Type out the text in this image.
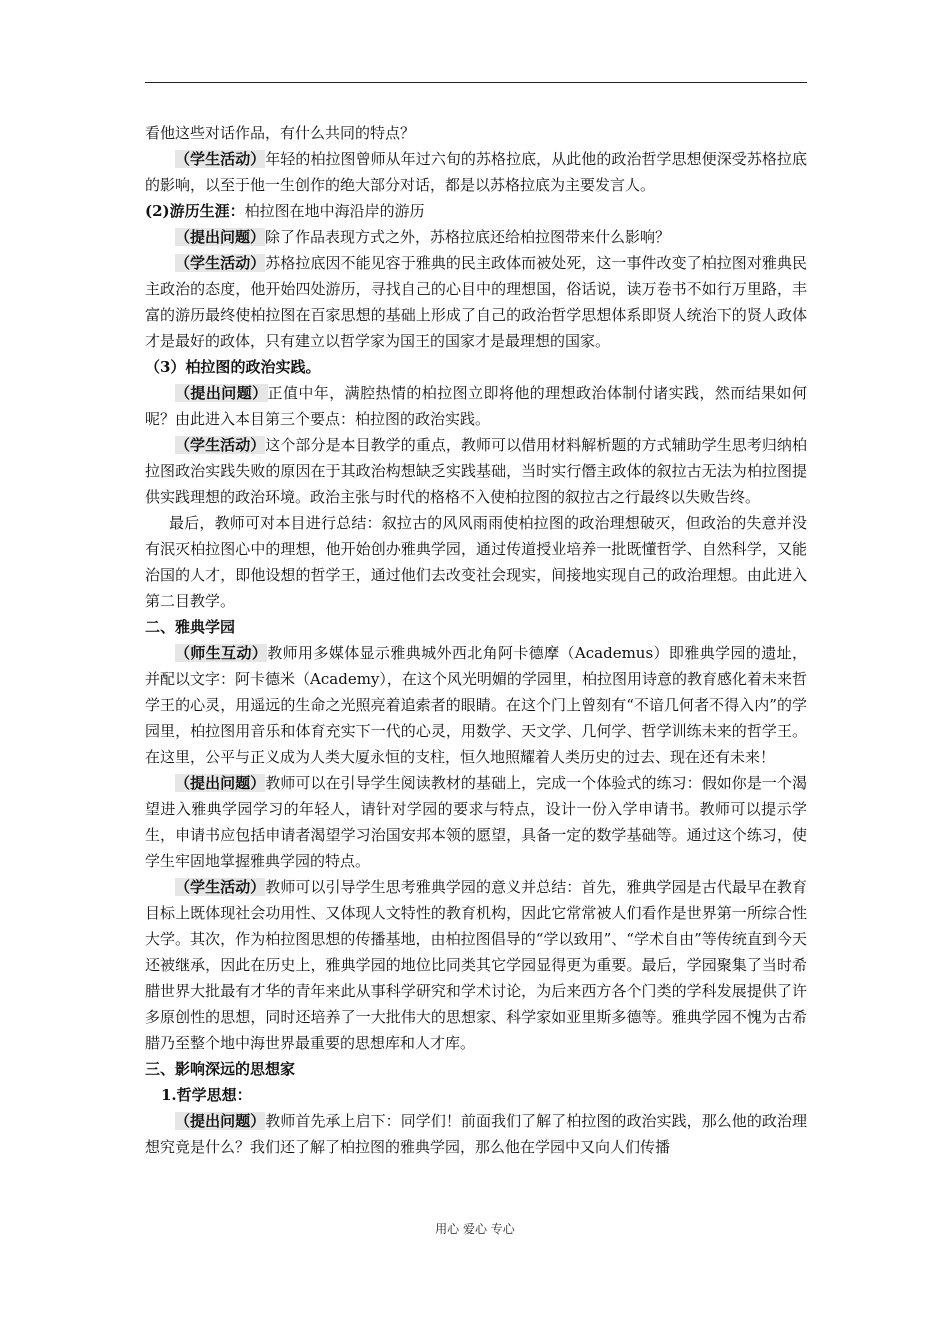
看他这些对话作品，有什么共同的特点？

（学生活动）年轻的柏拉图曾师从年过六旬的苏格拉底，从此他的政治哲学思想便深受苏格拉底的影响，以至于他一生创作的绝大部分对话，都是以苏格拉底为主要发言人。

(2)游历生涯：柏拉图在地中海沿岸的游历

（提出问题）除了作品表现方式之外，苏格拉底还给柏拉图带来什么影响？

（学生活动）苏格拉底因不能见容于雅典的民主政体而被处死，这一事件改变了柏拉图对雅典民主政治的态度，他开始四处游历，寻找自己的心目中的理想国，俗话说，读万卷书不如行万里路，丰富的游历最终使柏拉图在百家思想的基础上形成了自己的政治哲学思想体系即贤人统治下的贤人政体才是最好的政体，只有建立以哲学家为国王的国家才是最理想的国家。

（3）柏拉图的政治实践。

（提出问题）正值中年，满腔热情的柏拉图立即将他的理想政治体制付诸实践，然而结果如何呢？由此进入本目第三个要点：柏拉图的政治实践。

（学生活动）这个部分是本目教学的重点，教师可以借用材料解析题的方式辅助学生思考归纳柏拉图政治实践失败的原因在于其政治构想缺乏实践基础，当时实行僭主政体的叙拉古无法为柏拉图提供实践理想的政治环境。政治主张与时代的格格不入使柏拉图的叙拉古之行最终以失败告终。

最后，教师可对本目进行总结：叙拉古的风风雨雨使柏拉图的政治理想破灭，但政治的失意并没有泯灭柏拉图心中的理想，他开始创办雅典学园，通过传道授业培养一批既懂哲学、自然科学，又能治国的人才，即他设想的哲学王，通过他们去改变社会现实，间接地实现自己的政治理想。由此进入第二目教学。

二、雅典学园

（师生互动）教师用多媒体显示雅典城外西北角阿卡德摩（Academus）即雅典学园的遗址，并配以文字：阿卡德米（Academy），在这个风光明媚的学园里，柏拉图用诗意的教育感化着未来哲学王的心灵，用遥远的生命之光照亮着追索者的眼睛。在这个门上曾刻有“不谙几何者不得入内”的学园里，柏拉图用音乐和体育充实下一代的心灵，用数学、天文学、几何学、哲学训练未来的哲学王。在这里，公平与正义成为人类大厦永恒的支柱，恒久地照耀着人类历史的过去、现在还有未来！

（提出问题）教师可以在引导学生阅读教材的基础上，完成一个体验式的练习：假如你是一个渴望进入雅典学园学习的年轻人，请针对学园的要求与特点，设计一份入学申请书。教师可以提示学生，申请书应包括申请者渴望学习治国安邦本领的愿望，具备一定的数学基础等。通过这个练习，使学生牢固地掌握雅典学园的特点。

（学生活动）教师可以引导学生思考雅典学园的意义并总结：首先，雅典学园是古代最早在教育目标上既体现社会功用性、又体现人文特性的教育机构，因此它常常被人们看作是世界第一所综合性大学。其次，作为柏拉图思想的传播基地，由柏拉图倡导的“学以致用”、“学术自由”等传统直到今天还被继承，因此在历史上，雅典学园的地位比同类其它学园显得更为重要。最后，学园聚集了当时希腊世界大批最有才华的青年来此从事科学研究和学术讨论，为后来西方各个门类的学科发展提供了许多原创性的思想，同时还培养了一大批伟大的思想家、科学家如亚里斯多德等。雅典学园不愧为古希腊乃至整个地中海世界最重要的思想库和人才库。

三、影响深远的思想家

1.哲学思想：

（提出问题）教师首先承上启下：同学们！前面我们了解了柏拉图的政治实践，那么他的政治理想究竟是什么？我们还了解了柏拉图的雅典学园，那么他在学园中又向人们传播

用心 爱心 专心
